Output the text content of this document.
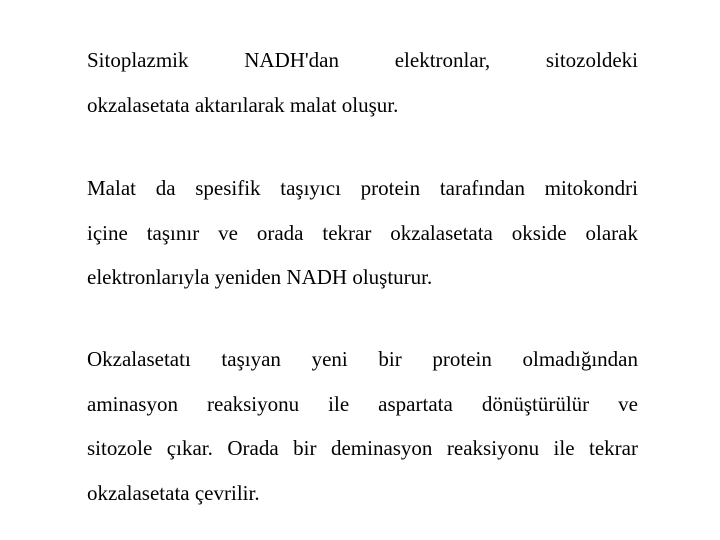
Sitoplazmik NADH'dan elektronlar, sitozoldeki
okzalasetata aktarılarak malat oluşur.

Malat da spesifik taşıyıcı protein tarafından mitokondri
içine taşınır ve orada tekrar okzalasetata okside olarak
elektronlarıyla yeniden NADH oluşturur.

Okzalasetatı taşıyan yeni bir protein olmadığından
aminasyon reaksiyonu ile aspartata dönüştürülür ve
sitozole çıkar. Orada bir deminasyon reaksiyonu ile tekrar
okzalasetata çevrilir.
